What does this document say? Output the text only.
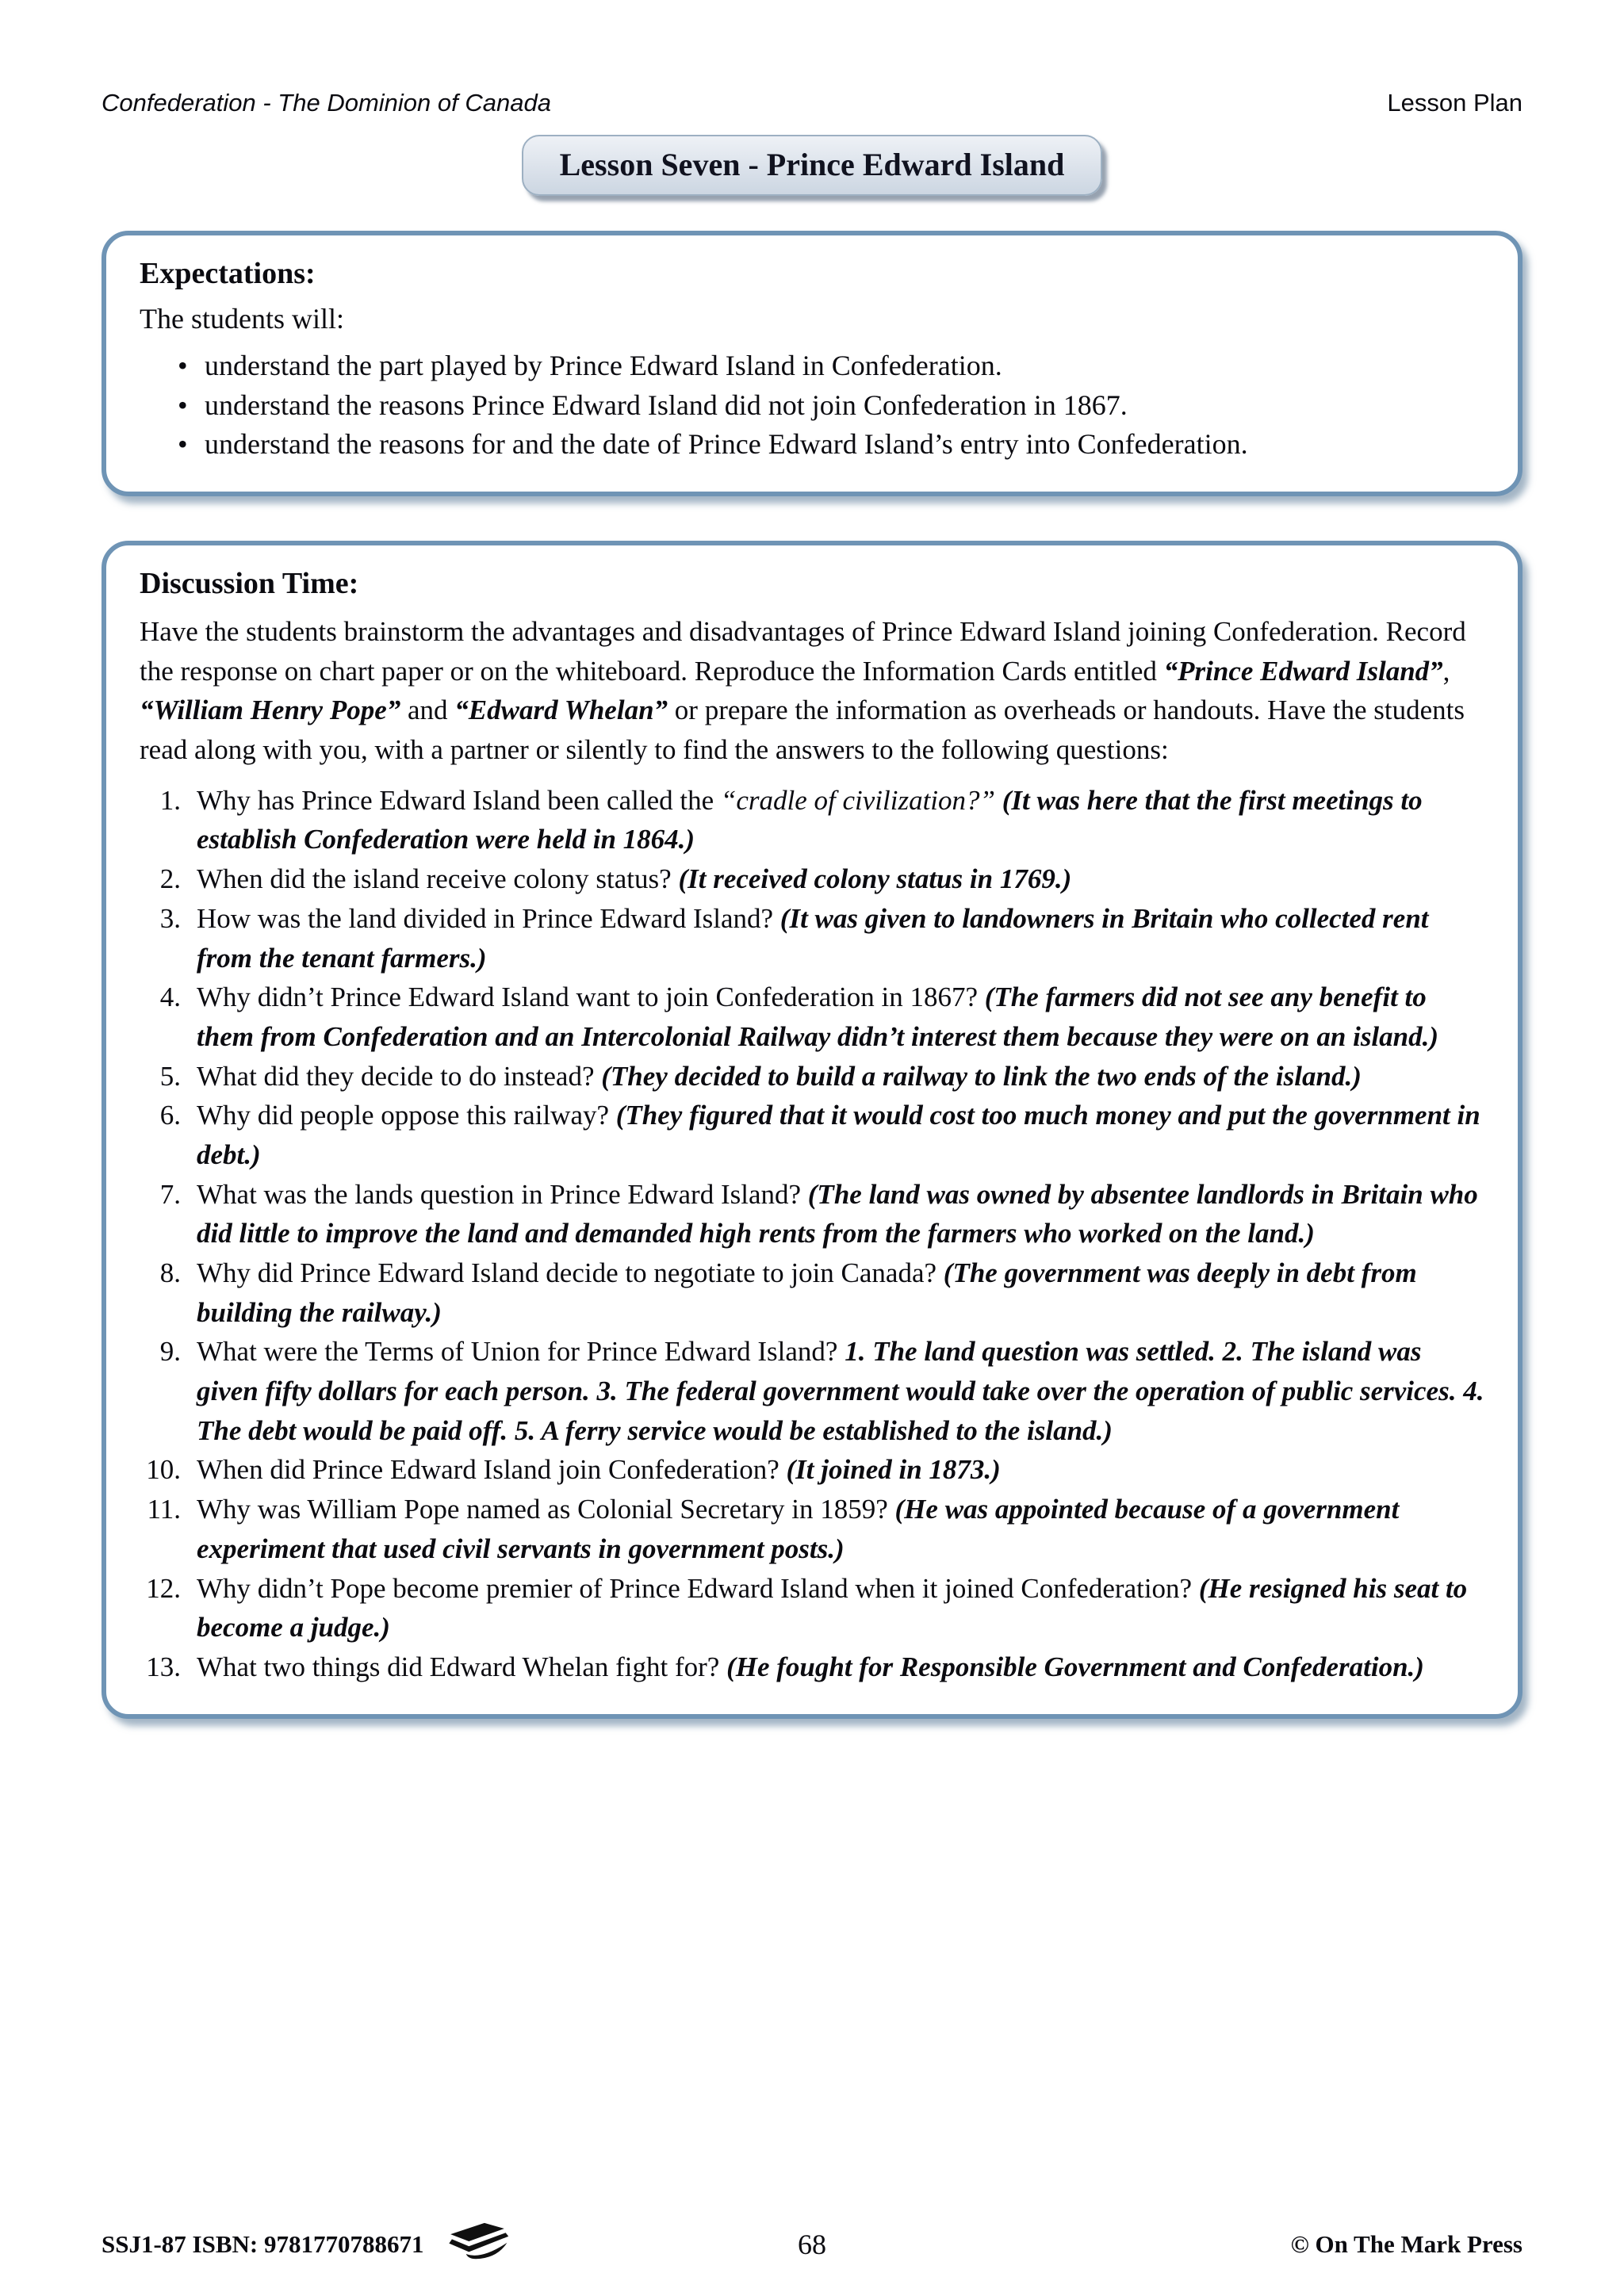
Confederation - The Dominion of Canada	Lesson Plan
Lesson Seven - Prince Edward Island
Expectations:

The students will:

• understand the part played by Prince Edward Island in Confederation.
• understand the reasons Prince Edward Island did not join Confederation in 1867.
• understand the reasons for and the date of Prince Edward Island’s entry into Confederation.
Discussion Time:

Have the students brainstorm the advantages and disadvantages of Prince Edward Island joining Confederation. Record the response on chart paper or on the whiteboard. Reproduce the Information Cards entitled “Prince Edward Island”, “William Henry Pope” and “Edward Whelan” or prepare the information as overheads or handouts. Have the students read along with you, with a partner or silently to find the answers to the following questions:

1. Why has Prince Edward Island been called the “cradle of civilization?” (It was here that the first meetings to establish Confederation were held in 1864.)
2. When did the island receive colony status? (It received colony status in 1769.)
3. How was the land divided in Prince Edward Island? (It was given to landowners in Britain who collected rent from the tenant farmers.)
4. Why didn’t Prince Edward Island want to join Confederation in 1867? (The farmers did not see any benefit to them from Confederation and an Intercolonial Railway didn’t interest them because they were on an island.)
5. What did they decide to do instead? (They decided to build a railway to link the two ends of the island.)
6. Why did people oppose this railway? (They figured that it would cost too much money and put the government in debt.)
7. What was the lands question in Prince Edward Island? (The land was owned by absentee landlords in Britain who did little to improve the land and demanded high rents from the farmers who worked on the land.)
8. Why did Prince Edward Island decide to negotiate to join Canada? (The government was deeply in debt from building the railway.)
9. What were the Terms of Union for Prince Edward Island? 1. The land question was settled. 2. The island was given fifty dollars for each person. 3. The federal government would take over the operation of public services. 4. The debt would be paid off. 5. A ferry service would be established to the island.)
10. When did Prince Edward Island join Confederation? (It joined in 1873.)
11. Why was William Pope named as Colonial Secretary in 1859? (He was appointed because of a government experiment that used civil servants in government posts.)
12. Why didn’t Pope become premier of Prince Edward Island when it joined Confederation? (He resigned his seat to become a judge.)
13. What two things did Edward Whelan fight for? (He fought for Responsible Government and Confederation.)
SSJ1-87 ISBN: 9781770788671	68	© On The Mark Press
